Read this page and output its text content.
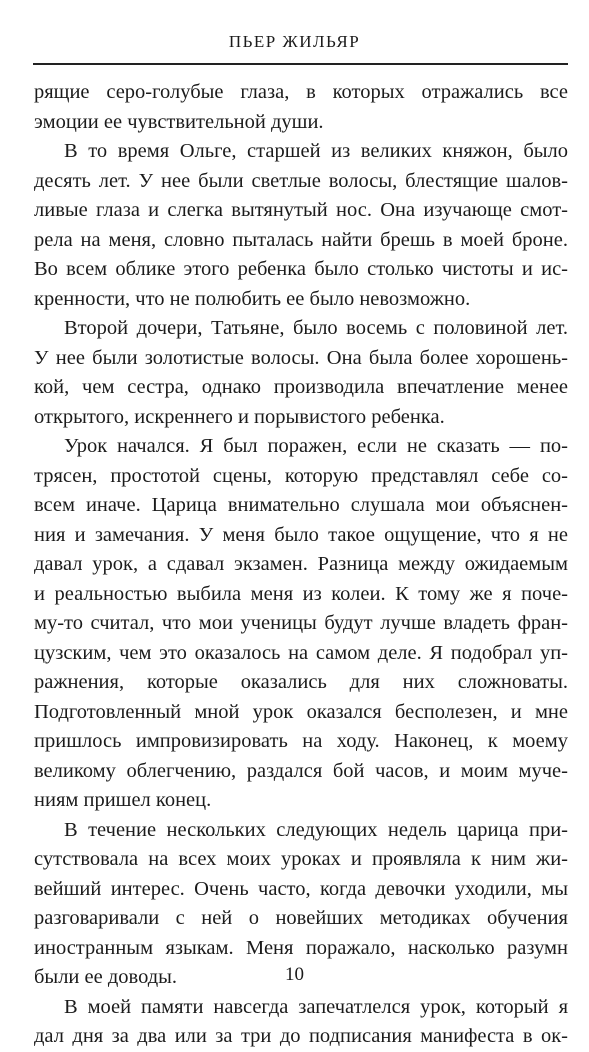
ПЬЕР ЖИЛЬЯР
рящие серо-голубые глаза, в которых отражались все
эмоции ее чувствительной души.
В то время Ольге, старшей из великих княжон, было
десять лет. У нее были светлые волосы, блестящие шалов-
ливые глаза и слегка вытянутый нос. Она изучающе смот-
рела на меня, словно пыталась найти брешь в моей броне.
Во всем облике этого ребенка было столько чистоты и ис-
кренности, что не полюбить ее было невозможно.
Второй дочери, Татьяне, было восемь с половиной лет.
У нее были золотистые волосы. Она была более хорошень-
кой, чем сестра, однако производила впечатление менее
открытого, искреннего и порывистого ребенка.
Урок начался. Я был поражен, если не сказать — по-
трясен, простотой сцены, которую представлял себе со-
всем иначе. Царица внимательно слушала мои объяснен-
ния и замечания. У меня было такое ощущение, что я не
давал урок, а сдавал экзамен. Разница между ожидаемым
и реальностью выбила меня из колеи. К тому же я поче-
му-то считал, что мои ученицы будут лучше владеть фран-
цузским, чем это оказалось на самом деле. Я подобрал уп-
ражнения, которые оказались для них сложноваты.
Подготовленный мной урок оказался бесполезен, и мне
пришлось импровизировать на ходу. Наконец, к моему
великому облегчению, раздался бой часов, и моим муче-
ниям пришел конец.
В течение нескольких следующих недель царица при-
сутствовала на всех моих уроках и проявляла к ним жи-
вейший интерес. Очень часто, когда девочки уходили, мы
разговаривали с ней о новейших методиках обучения
иностранным языкам. Меня поражало, насколько разумн
были ее доводы.
В моей памяти навсегда запечатлелся урок, который я
дал дня за два или за три до подписания манифеста в ок-
10
